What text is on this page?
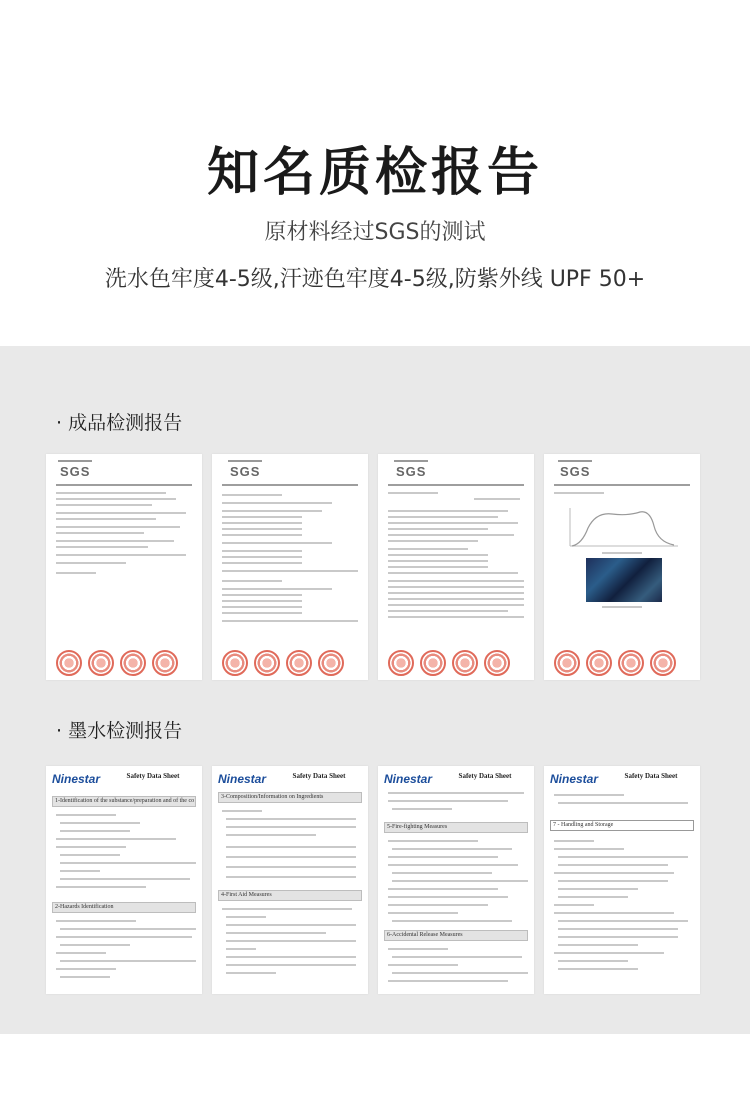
知名质检报告
原材料经过SGS的测试
洗水色牢度4-5级,汗迹色牢度4-5级,防紫外线 UPF 50+
· 成品检测报告
SGS	SGS	SGS	SGS
· 墨水检测报告
Ninestar	Safety Data Sheet
1-Identification of the substance/preparation and of the co
2-Hazards Identification
Ninestar	Safety Data Sheet
3-Composition/Information on Ingredients
4-First Aid Measures
Ninestar	Safety Data Sheet
5-Fire-fighting Measures
6-Accidental Release Measures
Ninestar	Safety Data Sheet
7 - Handling and Storage
